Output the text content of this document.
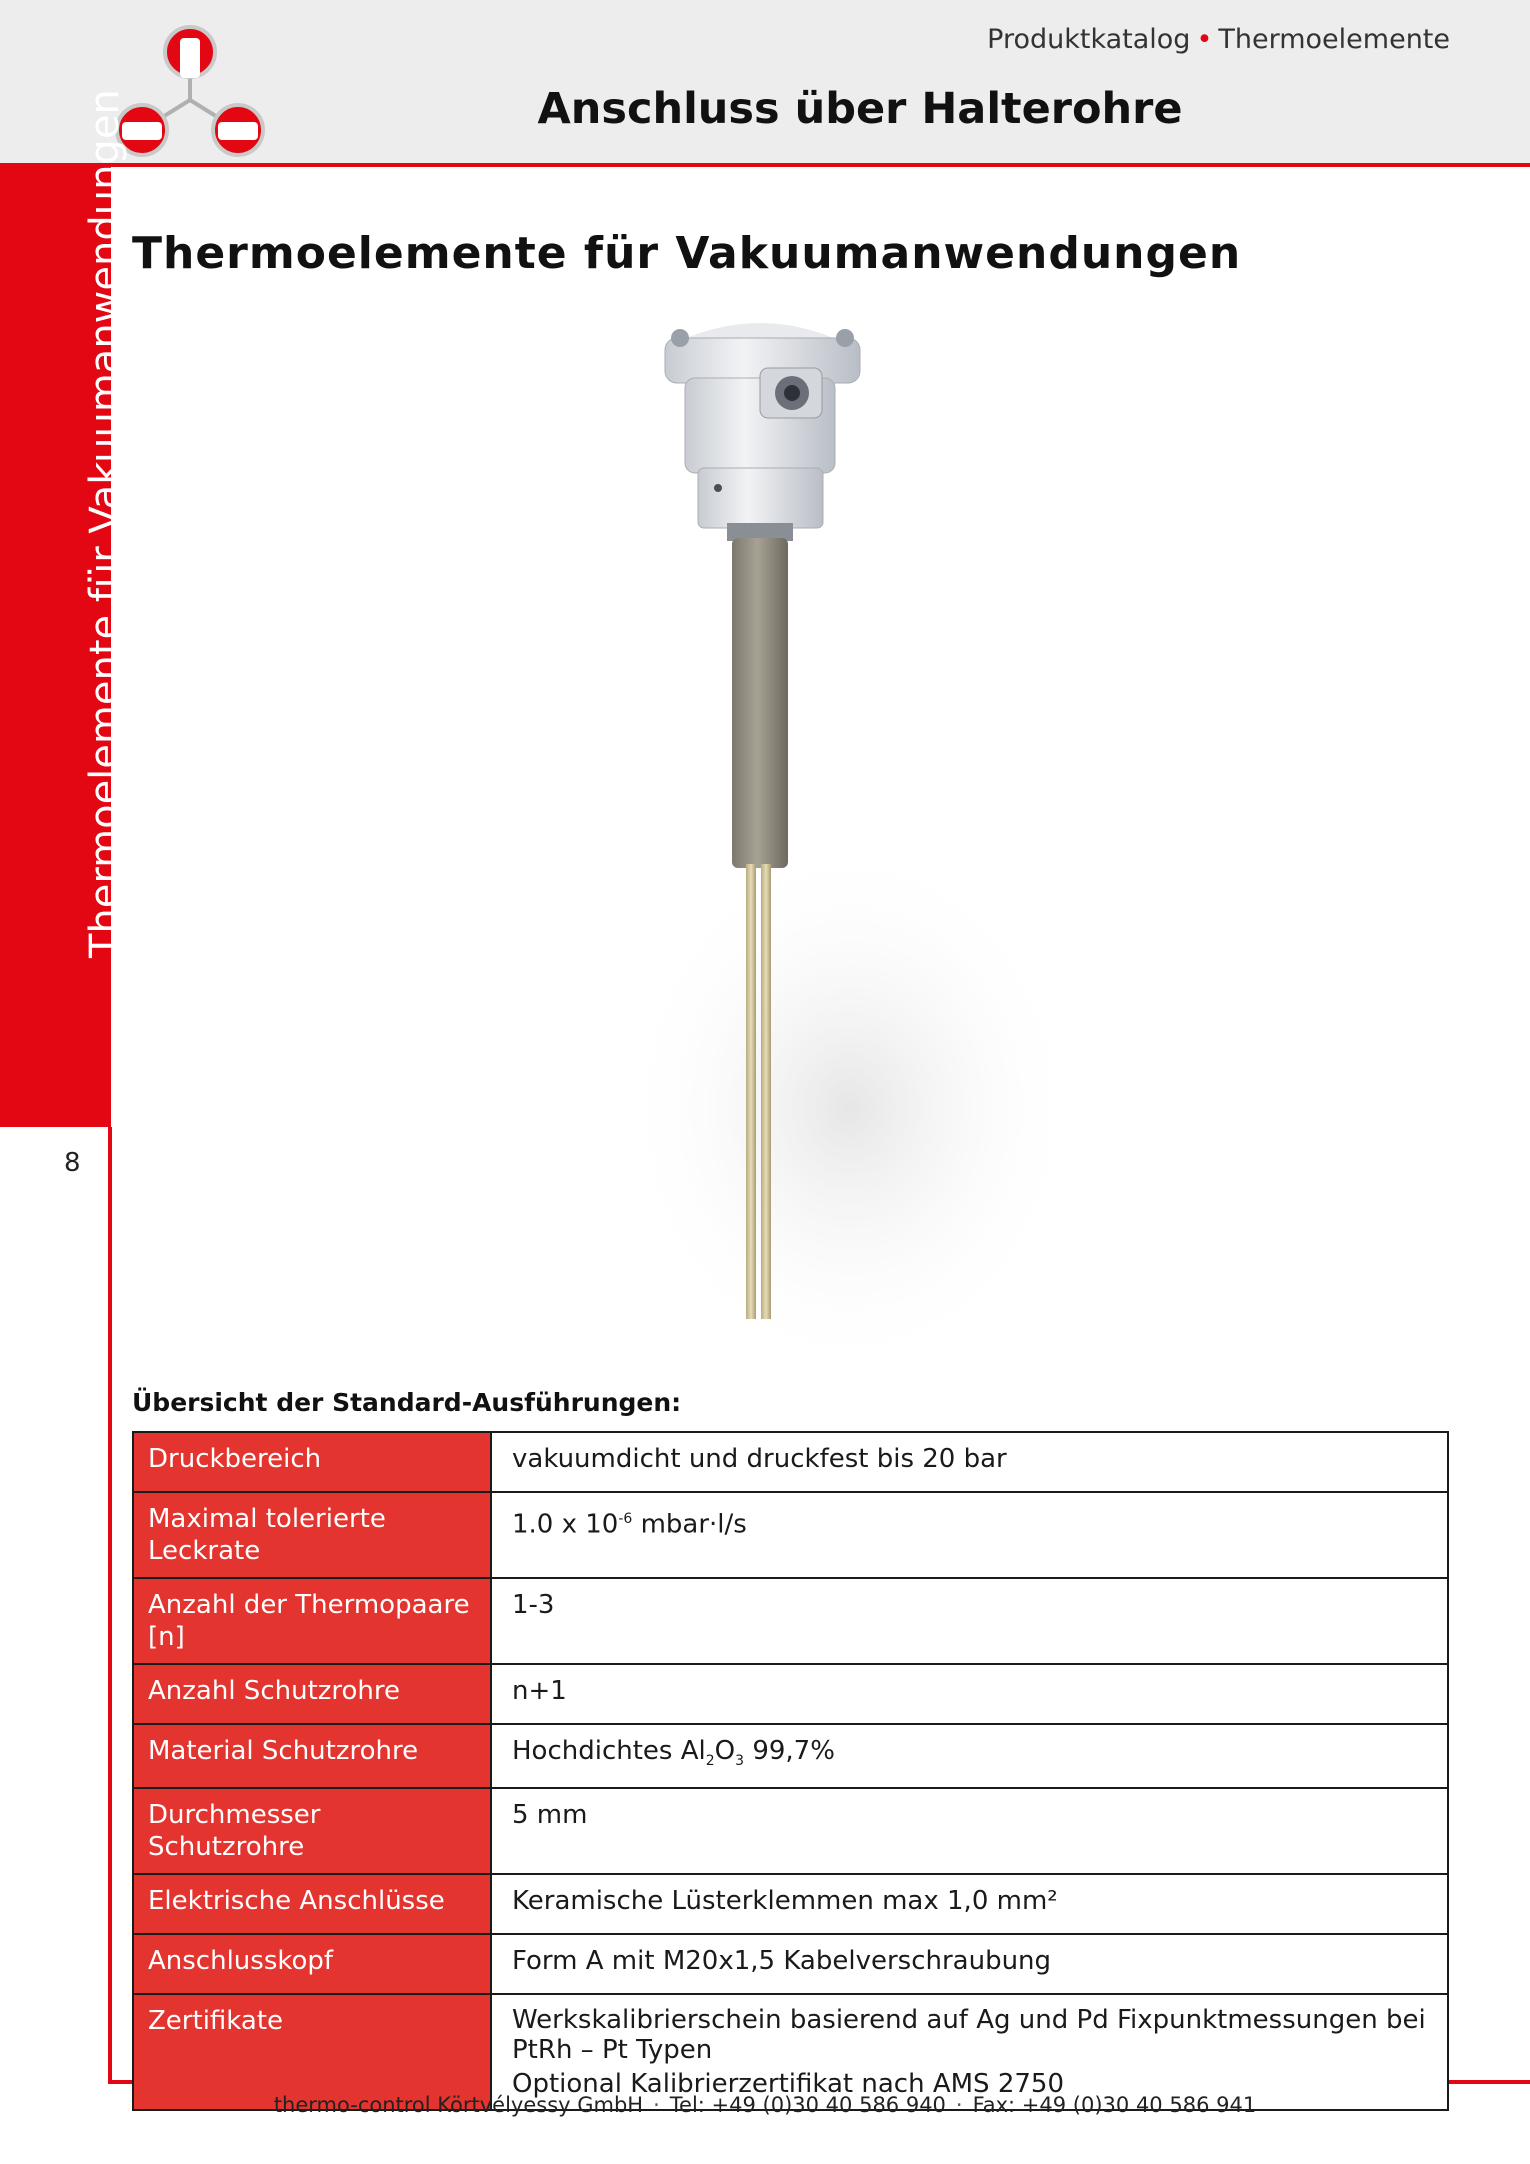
Produktkatalog • Thermoelemente
Anschluss über Halterohre
Thermoelemente für Vakuumanwendungen
8
Thermoelemente für Vakuumanwendungen
Übersicht der Standard-Ausführungen:
Druckbereich	vakuumdicht und druckfest bis 20 bar
Maximal tolerierte Leckrate	1.0 x $10^{-6}$ mbar·l/s
Anzahl der Thermopaare [n]	1-3
Anzahl Schutzrohre	n+1
Material Schutzrohre	Hochdichtes $Al_2O_3$ 99,7%
Durchmesser Schutzrohre	5 mm
Elektrische Anschlüsse	Keramische Lüsterklemmen max 1,0 mm²
Anschlusskopf	Form A mit M20x1,5 Kabelverschraubung
Zertifikate	Werkskalibrierschein basierend auf Ag und Pd Fixpunktmessungen bei
PtRh – Pt Typen
Optional Kalibrierzertifikat nach AMS 2750
thermo-control Körtvélyessy GmbH · Tel: +49 (0)30 40 586 940 · Fax: +49 (0)30 40 586 941
